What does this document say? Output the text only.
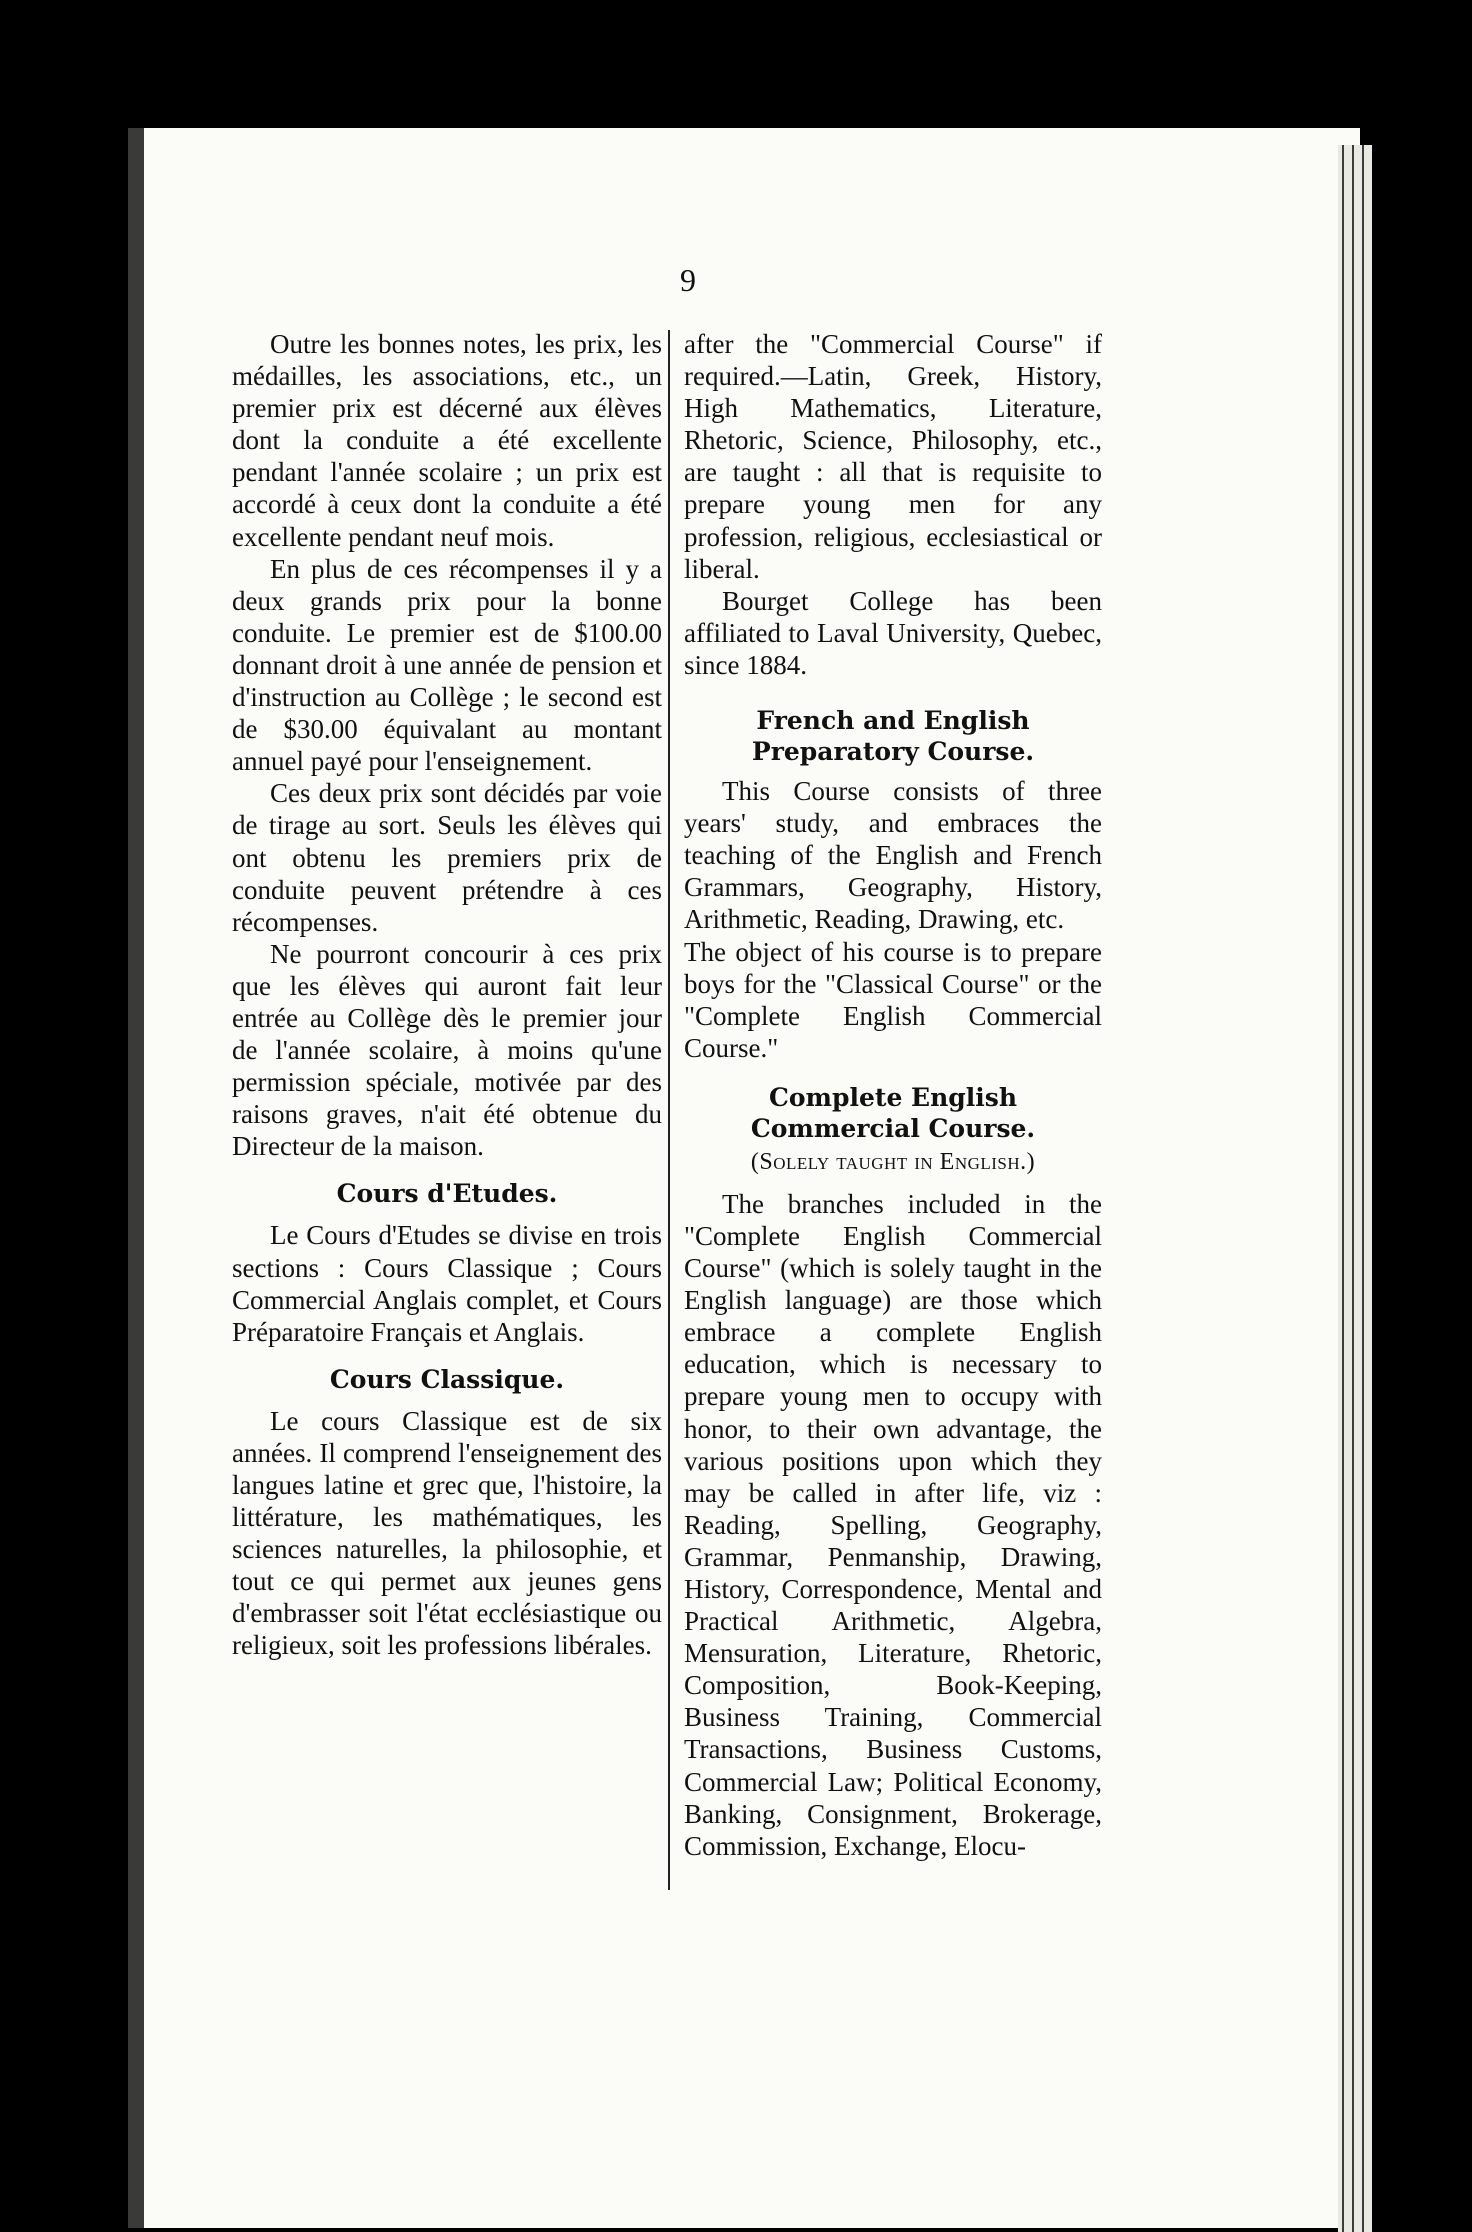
9

Outre les bonnes notes, les prix, les médailles, les associations, etc., un premier prix est décerné aux élèves dont la conduite a été excellente pendant l'année scolaire ; un prix est accordé à ceux dont la conduite a été excellente pendant neuf mois.

En plus de ces récompenses il y a deux grands prix pour la bonne conduite. Le premier est de $100.00 donnant droit à une année de pension et d'instruction au Collège ; le second est de $30.00 équivalant au montant annuel payé pour l'enseignement.

Ces deux prix sont décidés par voie de tirage au sort. Seuls les élèves qui ont obtenu les premiers prix de conduite peuvent prétendre à ces récompenses.

Ne pourront concourir à ces prix que les élèves qui auront fait leur entrée au Collège dès le premier jour de l'année scolaire, à moins qu'une permission spéciale, motivée par des raisons graves, n'ait été obtenue du Directeur de la maison.

Cours d'Etudes.

Le Cours d'Etudes se divise en trois sections : Cours Classique ; Cours Commercial Anglais complet, et Cours Préparatoire Français et Anglais.

Cours Classique.

Le cours Classique est de six années. Il comprend l'enseignement des langues latine et grec que, l'histoire, la littérature, les mathématiques, les sciences naturelles, la philosophie, et tout ce qui permet aux jeunes gens d'embrasser soit l'état ecclésiastique ou religieux, soit les professions libérales.

after the "Commercial Course" if required.—Latin, Greek, History, High Mathematics, Literature, Rhetoric, Science, Philosophy, etc., are taught : all that is requisite to prepare young men for any profession, religious, ecclesiastical or liberal.

Bourget College has been affiliated to Laval University, Quebec, since 1884.

French and English Preparatory Course.

This Course consists of three years' study, and embraces the teaching of the English and French Grammars, Geography, History, Arithmetic, Reading, Drawing, etc.

The object of his course is to prepare boys for the "Classical Course" or the "Complete English Commercial Course."

Complete English Commercial Course.
(Solely taught in English.)

The branches included in the "Complete English Commercial Course" (which is solely taught in the English language) are those which embrace a complete English education, which is necessary to prepare young men to occupy with honor, to their own advantage, the various positions upon which they may be called in after life, viz : Reading, Spelling, Geography, Grammar, Penmanship, Drawing, History, Correspondence, Mental and Practical Arithmetic, Algebra, Mensuration, Literature, Rhetoric, Composition, Book-Keeping, Business Training, Commercial Transactions, Business Customs, Commercial Law; Political Economy, Banking, Consignment, Brokerage, Commission, Exchange, Elocu-
